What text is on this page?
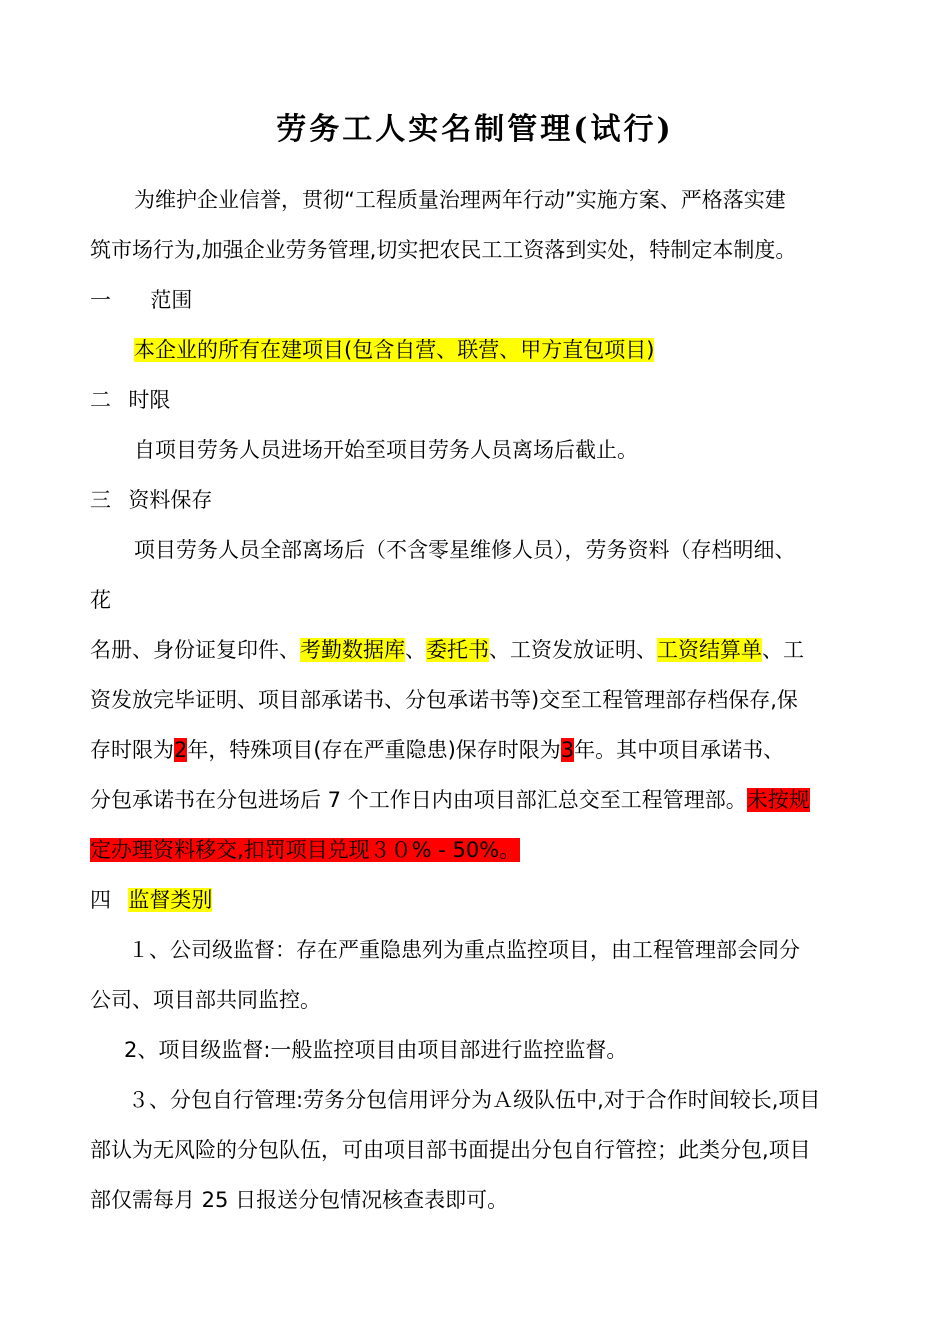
劳务工人实名制管理(试行)
为维护企业信誉，贯彻“工程质量治理两年行动”实施方案、严格落实建
筑市场行为,加强企业劳务管理,切实把农民工工资落到实处，特制定本制度。
一 范围
本企业的所有在建项目(包含自营、联营、甲方直包项目)
二 时限
自项目劳务人员进场开始至项目劳务人员离场后截止。
三 资料保存
项目劳务人员全部离场后（不含零星维修人员），劳务资料（存档明细、
花
名册、身份证复印件、考勤数据库、委托书、工资发放证明、工资结算单、工
资发放完毕证明、项目部承诺书、分包承诺书等)交至工程管理部存档保存,保
存时限为2年，特殊项目(存在严重隐患)保存时限为3年。其中项目承诺书、
分包承诺书在分包进场后 7 个工作日内由项目部汇总交至工程管理部。未按规
定办理资料移交,扣罚项目兑现３０% - 50%。
四 监督类别
１、公司级监督：存在严重隐患列为重点监控项目，由工程管理部会同分
公司、项目部共同监控。
2、项目级监督:一般监控项目由项目部进行监控监督。
３、分包自行管理:劳务分包信用评分为Ａ级队伍中,对于合作时间较长,项目
部认为无风险的分包队伍，可由项目部书面提出分包自行管控；此类分包,项目
部仅需每月 25 日报送分包情况核查表即可。
